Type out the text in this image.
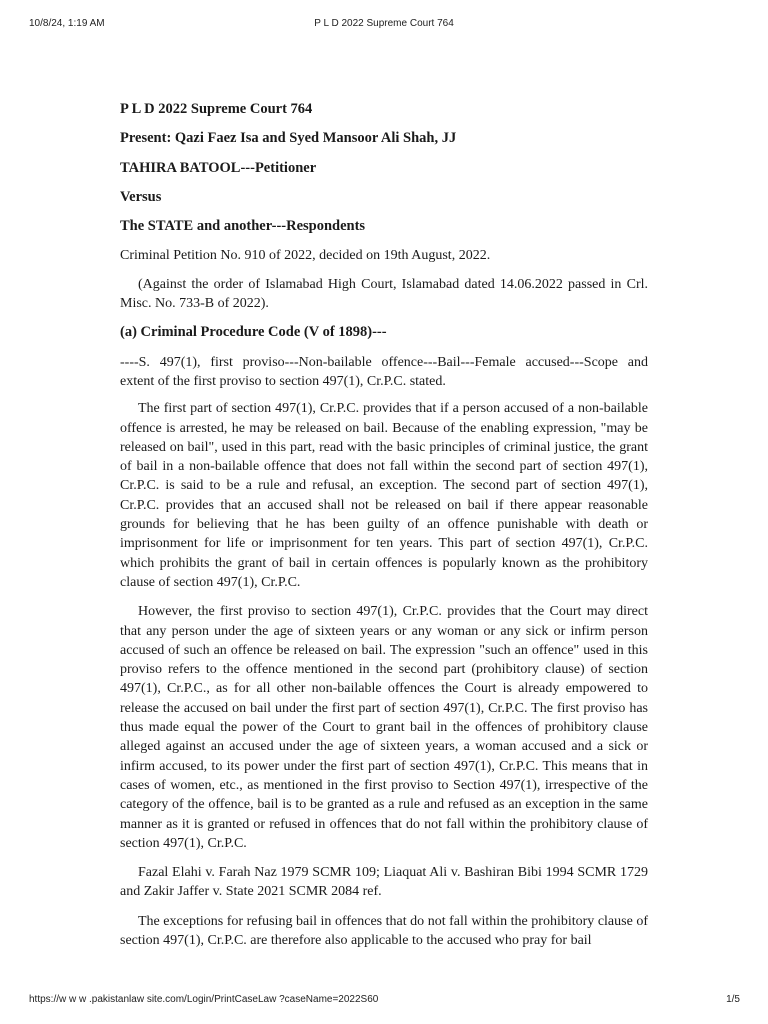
10/8/24, 1:19 AM	P L D 2022 Supreme Court 764

P L D 2022 Supreme Court 764

Present: Qazi Faez Isa and Syed Mansoor Ali Shah, JJ

TAHIRA BATOOL---Petitioner

Versus

The STATE and another---Respondents

Criminal Petition No. 910 of 2022, decided on 19th August, 2022.

(Against the order of Islamabad High Court, Islamabad dated 14.06.2022 passed in Crl. Misc. No. 733-B of 2022).

(a) Criminal Procedure Code (V of 1898)---

----S. 497(1), first proviso---Non-bailable offence---Bail---Female accused---Scope and extent of the first proviso to section 497(1), Cr.P.C. stated.

The first part of section 497(1), Cr.P.C. provides that if a person accused of a non-bailable offence is arrested, he may be released on bail. Because of the enabling expression, "may be released on bail", used in this part, read with the basic principles of criminal justice, the grant of bail in a non-bailable offence that does not fall within the second part of section 497(1), Cr.P.C. is said to be a rule and refusal, an exception. The second part of section 497(1), Cr.P.C. provides that an accused shall not be released on bail if there appear reasonable grounds for believing that he has been guilty of an offence punishable with death or imprisonment for life or imprisonment for ten years. This part of section 497(1), Cr.P.C. which prohibits the grant of bail in certain offences is popularly known as the prohibitory clause of section 497(1), Cr.P.C.

However, the first proviso to section 497(1), Cr.P.C. provides that the Court may direct that any person under the age of sixteen years or any woman or any sick or infirm person accused of such an offence be released on bail. The expression "such an offence" used in this proviso refers to the offence mentioned in the second part (prohibitory clause) of section 497(1), Cr.P.C., as for all other non-bailable offences the Court is already empowered to release the accused on bail under the first part of section 497(1), Cr.P.C. The first proviso has thus made equal the power of the Court to grant bail in the offences of prohibitory clause alleged against an accused under the age of sixteen years, a woman accused and a sick or infirm accused, to its power under the first part of section 497(1), Cr.P.C. This means that in cases of women, etc., as mentioned in the first proviso to Section 497(1), irrespective of the category of the offence, bail is to be granted as a rule and refused as an exception in the same manner as it is granted or refused in offences that do not fall within the prohibitory clause of section 497(1), Cr.P.C.

Fazal Elahi v. Farah Naz 1979 SCMR 109; Liaquat Ali v. Bashiran Bibi 1994 SCMR 1729 and Zakir Jaffer v. State 2021 SCMR 2084 ref.

The exceptions for refusing bail in offences that do not fall within the prohibitory clause of section 497(1), Cr.P.C. are therefore also applicable to the accused who pray for bail

https://w w w .pakistanlaw site.com/Login/PrintCaseLaw ?caseName=2022S60	1/5
